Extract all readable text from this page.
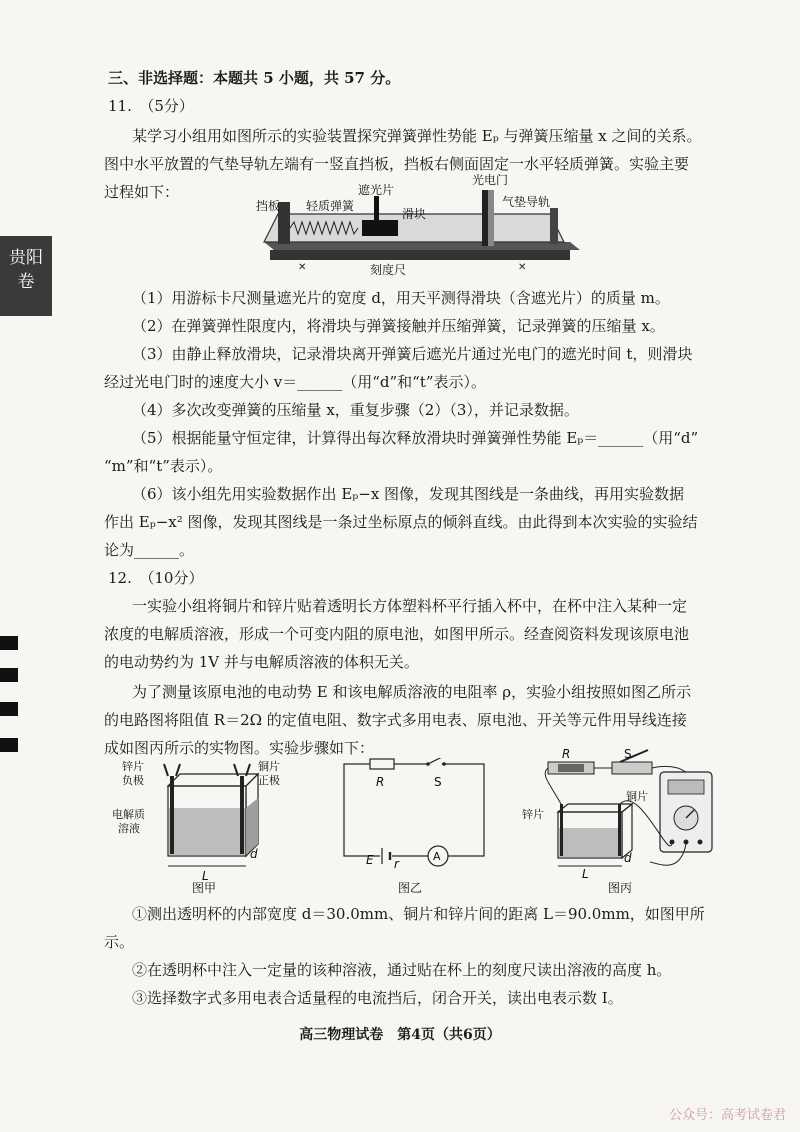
贵阳
卷
三、非选择题：本题共 5 小题，共 57 分。
11.　（5分）
某学习小组用如图所示的实验装置探究弹簧弹性势能 Eₚ 与弹簧压缩量 x 之间的关系。
图中水平放置的气垫导轨左端有一竖直挡板，挡板右侧面固定一水平轻质弹簧。实验主要
过程如下：
✕	✕
挡板 轻质弹簧
遮光片
滑块
光电门
气垫导轨
刻度尺
（1）用游标卡尺测量遮光片的宽度 d，用天平测得滑块（含遮光片）的质量 m。
（2）在弹簧弹性限度内，将滑块与弹簧接触并压缩弹簧，记录弹簧的压缩量 x。
（3）由静止释放滑块，记录滑块离开弹簧后遮光片通过光电门的遮光时间 t，则滑块
经过光电门时的速度大小 v＝______（用“d”和“t”表示）。
（4）多次改变弹簧的压缩量 x，重复步骤（2）（3），并记录数据。
（5）根据能量守恒定律，计算得出每次释放滑块时弹簧弹性势能 Eₚ＝______（用“d”
“m”和“t”表示）。
（6）该小组先用实验数据作出 Eₚ−x 图像，发现其图线是一条曲线，再用实验数据
作出 Eₚ−x² 图像，发现其图线是一条过坐标原点的倾斜直线。由此得到本次实验的实验结
论为______。
12.　（10分）
一实验小组将铜片和锌片贴着透明长方体塑料杯平行插入杯中，在杯中注入某种一定
浓度的电解质溶液，形成一个可变内阻的原电池，如图甲所示。经查阅资料发现该原电池
的电动势约为 1V 并与电解质溶液的体积无关。
为了测量该原电池的电动势 E 和该电解质溶液的电阻率 ρ，实验小组按照如图乙所示
的电路图将阻值 R＝2Ω 的定值电阻、数字式多用电表、原电池、开关等元件用导线连接
成如图丙所示的实物图。实验步骤如下：
L
d
锌片
负极
铜片
正极
电解质
溶液
图甲
A
R	S
E r
图乙
L
d
R	S
锌片
铜片
图丙
①测出透明杯的内部宽度 d＝30.0mm、铜片和锌片间的距离 L＝90.0mm，如图甲所
示。
②在透明杯中注入一定量的该种溶液，通过贴在杯上的刻度尺读出溶液的高度 h。
③选择数字式多用电表合适量程的电流挡后，闭合开关，读出电表示数 I。
高三物理试卷　第4页（共6页）
公众号：高考试卷君
